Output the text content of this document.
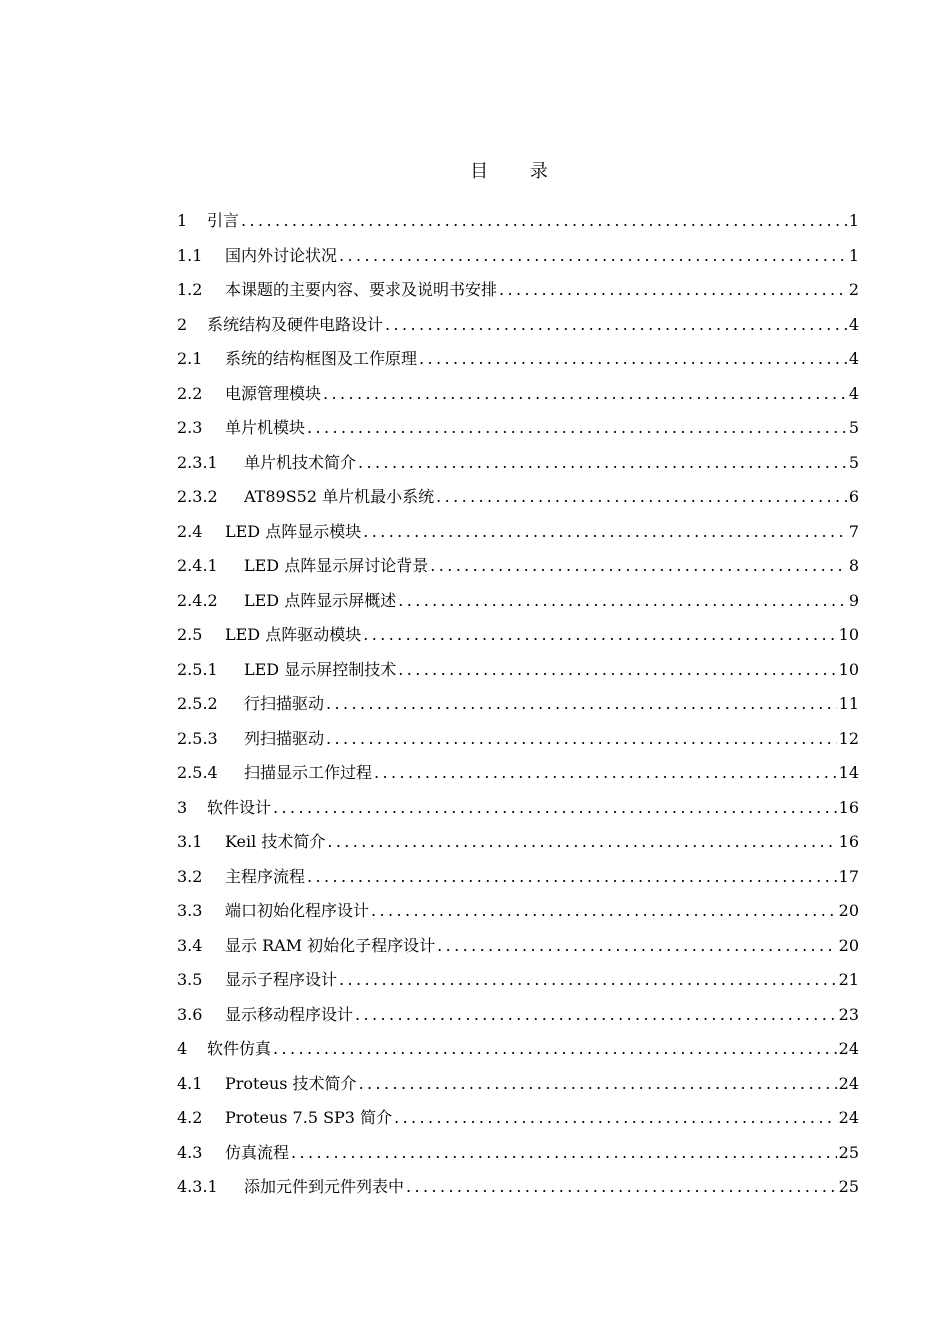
目 录
1	引言 .....	1
1.1	国内外讨论状况 .....	1
1.2	本课题的主要内容、要求及说明书安排 .....	2
2	系统结构及硬件电路设计 .....	4
2.1	系统的结构框图及工作原理 .....	4
2.2	电源管理模块 .....	4
2.3	单片机模块 .....	5
2.3.1	单片机技术简介 .....	5
2.3.2	AT89S52 单片机最小系统 .....	6
2.4	LED 点阵显示模块 .....	7
2.4.1	LED 点阵显示屏讨论背景 .....	8
2.4.2	LED 点阵显示屏概述 .....	9
2.5	LED 点阵驱动模块 .....	10
2.5.1	LED 显示屏控制技术 .....	10
2.5.2	行扫描驱动 .....	11
2.5.3	列扫描驱动 .....	12
2.5.4	扫描显示工作过程 .....	14
3	软件设计 .....	16
3.1	Keil 技术简介 .....	16
3.2	主程序流程 .....	17
3.3	端口初始化程序设计 .....	20
3.4	显示 RAM 初始化子程序设计 .....	20
3.5	显示子程序设计 .....	21
3.6	显示移动程序设计 .....	23
4	软件仿真 .....	24
4.1	Proteus 技术简介 .....	24
4.2	Proteus 7.5 SP3 简介 .....	24
4.3	仿真流程 .....	25
4.3.1	添加元件到元件列表中 .....	25
